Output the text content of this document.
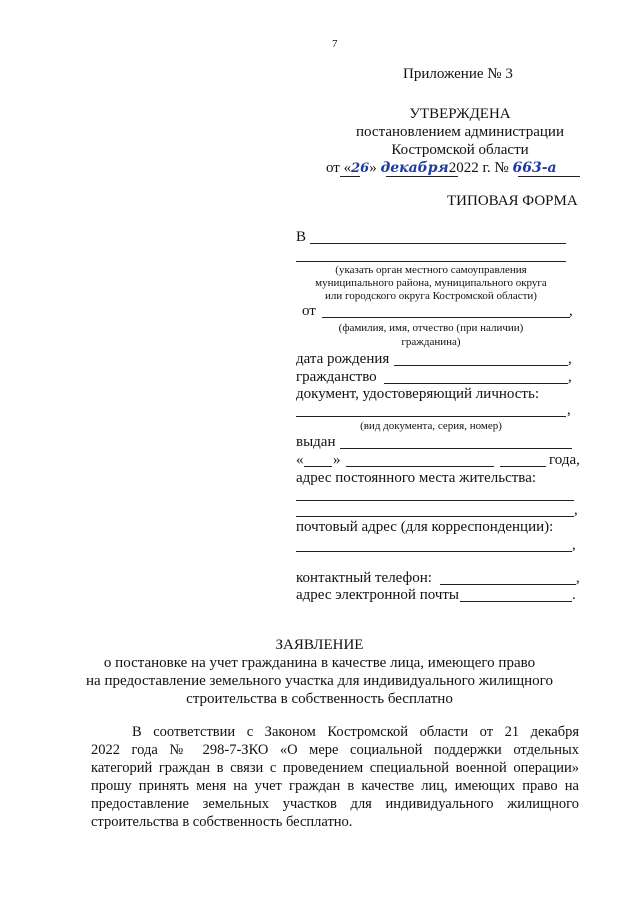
7
Приложение № 3
УТВЕРЖДЕНА
постановлением администрации
Костромской области
от «26» декабря2022 г. № 663-а
ТИПОВАЯ ФОРМА
В
(указать орган местного самоуправления
муниципального района, муниципального округа
или городского округа Костромской области)
от	,
(фамилия, имя, отчество (при наличии)
гражданина)
дата рождения	,
гражданство	,
документ, удостоверяющий личность:
,
(вид документа, серия, номер)
выдан
« »	года,
адрес постоянного места жительства:
,
почтовый адрес (для корреспонденции):
,
контактный телефон:	,
адрес электронной почты	.
ЗАЯВЛЕНИЕ
о постановке на учет гражданина в качестве лица, имеющего право
на предоставление земельного участка для индивидуального жилищного
строительства в собственность бесплатно
В соответствии с Законом Костромской области от 21 декабря
2022 года № 298-7-ЗКО «О мере социальной поддержки отдельных
категорий граждан в связи с проведением специальной военной операции»
прошу принять меня на учет граждан в качестве лиц, имеющих право на
предоставление земельных участков для индивидуального жилищного
строительства в собственность бесплатно.
